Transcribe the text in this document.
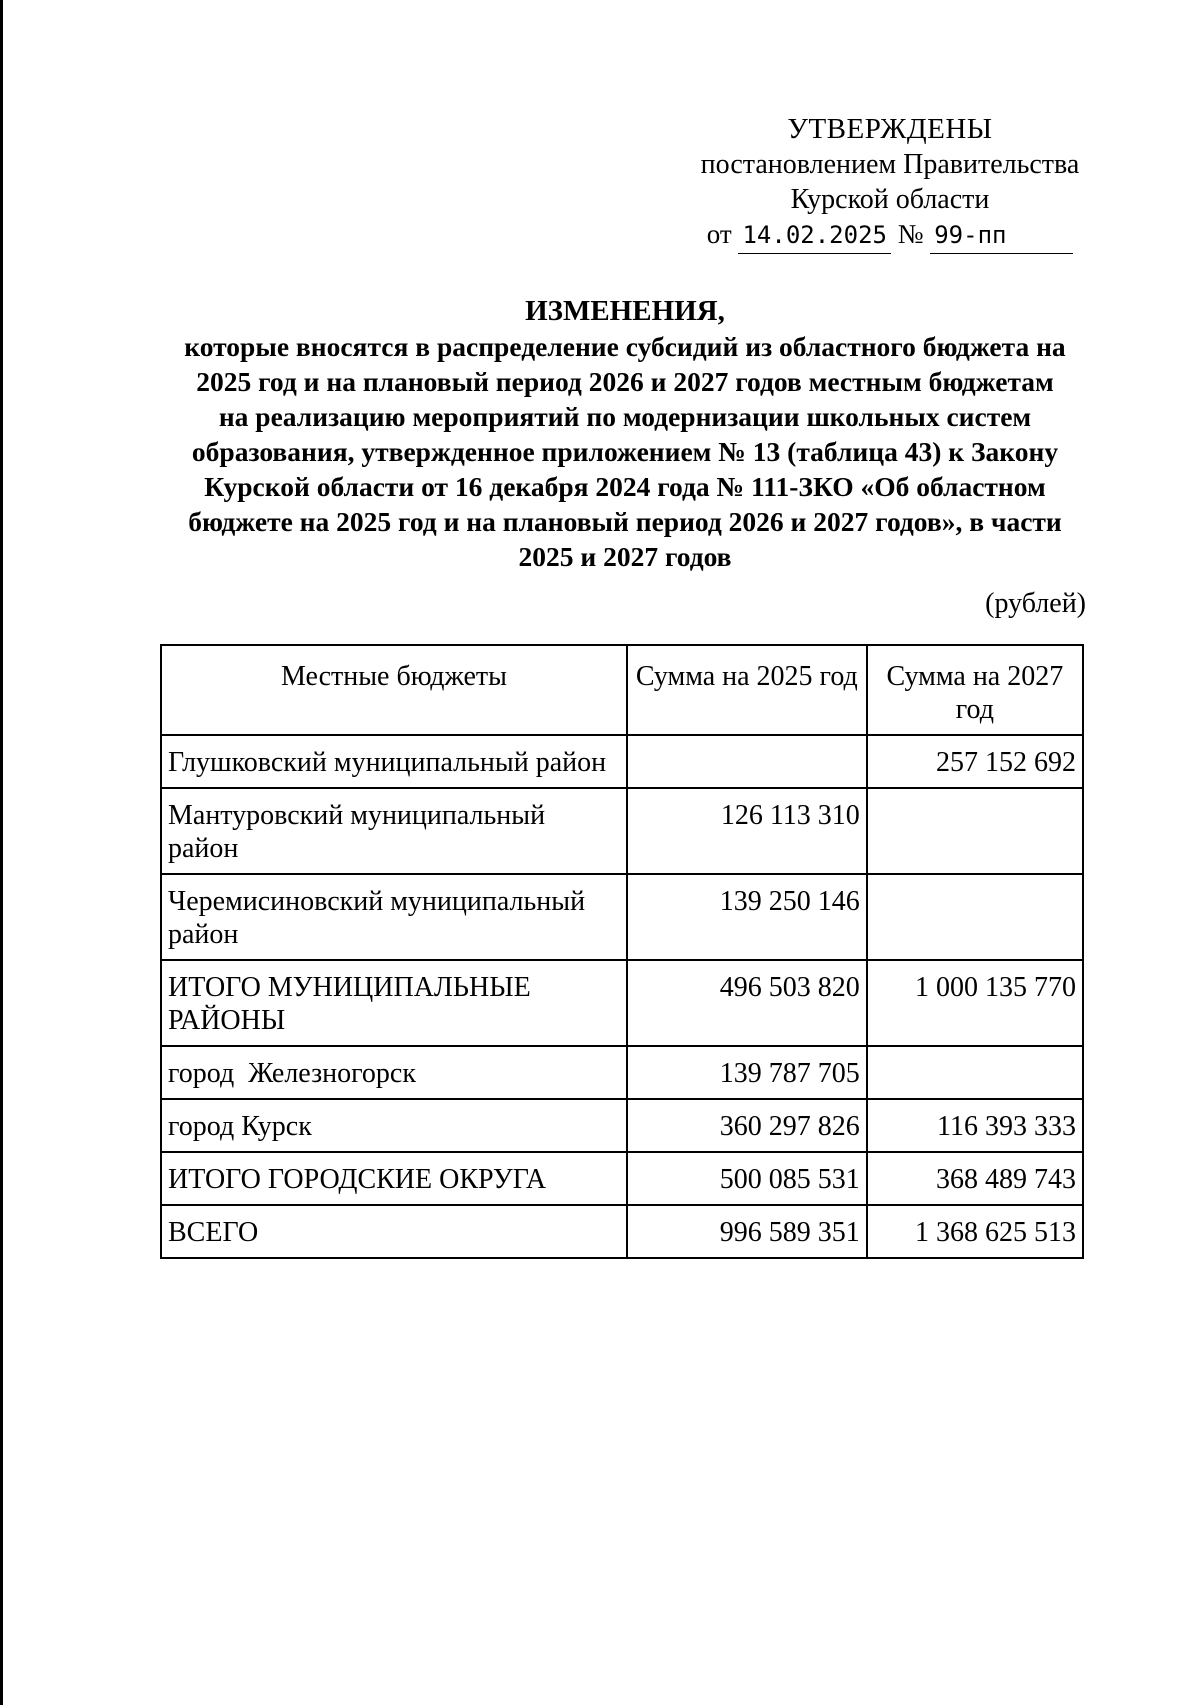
УТВЕРЖДЕНЫ
постановлением Правительства
Курской области
от 14.02.2025 № 99-пп
ИЗМЕНЕНИЯ,
которые вносятся в распределение субсидий из областного бюджета на
2025 год и на плановый период 2026 и 2027 годов местным бюджетам
на реализацию мероприятий по модернизации школьных систем
образования, утвержденное приложением № 13 (таблица 43) к Закону
Курской области от 16 декабря 2024 года № 111-ЗКО «Об областном
бюджете на 2025 год и на плановый период 2026 и 2027 годов», в части
2025 и 2027 годов
(рублей)
Местные бюджеты	Сумма на 2025 год	Сумма на 2027 год
Глушковский муниципальный район		257 152 692
Мантуровский муниципальный район	126 113 310	
Черемисиновский муниципальный район	139 250 146	
ИТОГО МУНИЦИПАЛЬНЫЕ РАЙОНЫ	496 503 820	1 000 135 770
город  Железногорск	139 787 705	
город Курск	360 297 826	116 393 333
ИТОГО ГОРОДСКИЕ ОКРУГА	500 085 531	368 489 743
ВСЕГО	996 589 351	1 368 625 513
